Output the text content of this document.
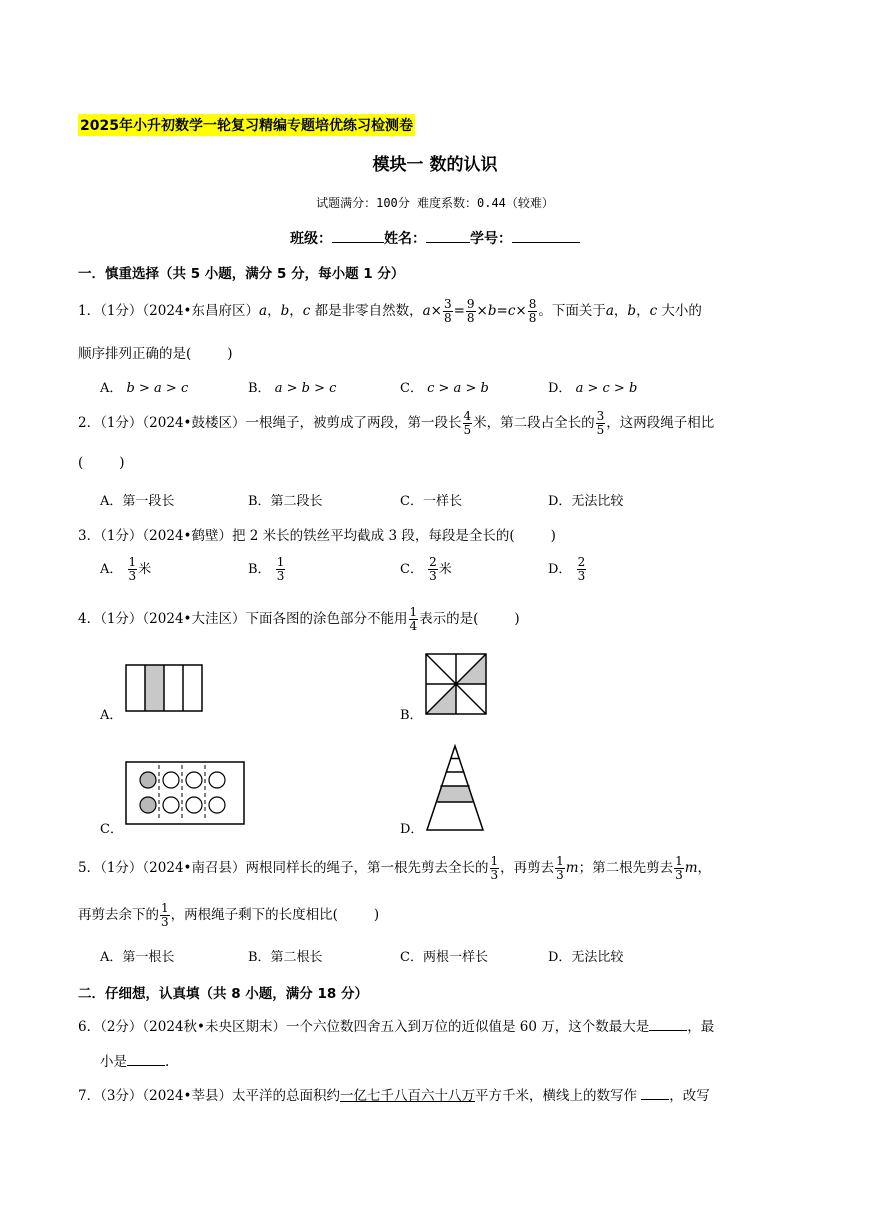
2025年小升初数学一轮复习精编专题培优练习检测卷
模块一 数的认识
试题满分：100分 难度系数：0.44（较难）
班级：	姓名：	学号：
一．慎重选择（共 5 小题，满分 5 分，每小题 1 分）
1．（1分）（2024•东昌府区）a，b，c 都是非零自然数，$a\times \frac{3}{8} = \frac{9}{8} \times b=c\times \frac{8}{8}$ 。下面关于a，b，c 大小的
顺序排列正确的是(	)
A． b > a > c	B． a > b > c	C． c > a > b	D． a > c > b
2．（1分）（2024•鼓楼区）一根绳子，被剪成了两段，第一段长 $\frac{4}{5}$ 米，第二段占全长的 $\frac{3}{5}$ ，这两段绳子相比
(	)
A．第一段长	B．第二段长	C．一样长	D．无法比较
3．（1分）（2024•鹤壁）把 2 米长的铁丝平均截成 3 段，每段是全长的(	)
A． $\frac{1}{3}$ 米	B． $\frac{1}{3}$	C． $\frac{2}{3}$ 米	D． $\frac{2}{3}$
4．（1分）（2024•大洼区）下面各图的涂色部分不能用 $\frac{1}{4}$ 表示的是(	)
A．	B．
C．	D．
5．（1分）（2024•南召县）两根同样长的绳子，第一根先剪去全长的 $\frac{1}{3}$ ，再剪去 $\frac{1}{3}$ m；第二根先剪去 $\frac{1}{3}$ m，
再剪去余下的 $\frac{1}{3}$ ，两根绳子剩下的长度相比(	)
A．第一根长	B．第二根长	C．两根一样长	D．无法比较
二．仔细想，认真填（共 8 小题，满分 18 分）
6．（2分）（2024秋•未央区期末）一个六位数四舍五入到万位的近似值是 60 万，这个数最大是	，最
小是	.
7．（3分）（2024•莘县）太平洋的总面积约一亿七千八百六十八万平方千米，横线上的数写作 ，改写
